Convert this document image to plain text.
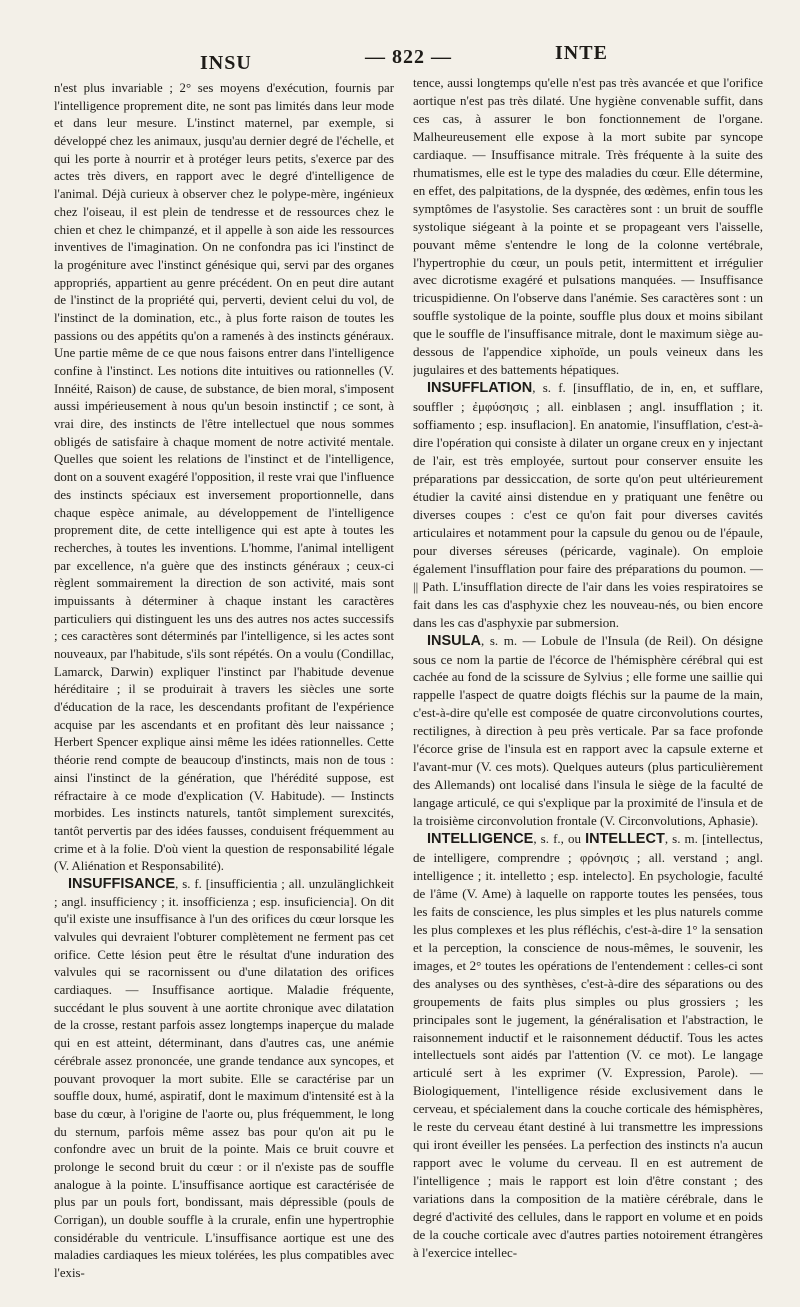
INSU	— 822 —	INTE

n'est plus invariable ; 2° ses moyens d'exécution, fournis par l'intelligence proprement dite, ne sont pas limités dans leur mode et dans leur mesure. L'instinct maternel, par exemple, si développé chez les animaux, jusqu'au dernier degré de l'échelle, et qui les porte à nourrir et à protéger leurs petits, s'exerce par des actes très divers, en rapport avec le degré d'intelligence de l'animal. Déjà curieux à observer chez le polype-mère, ingénieux chez l'oiseau, il est plein de tendresse et de ressources chez le chien et chez le chimpanzé, et il appelle à son aide les ressources inventives de l'imagination. On ne confondra pas ici l'instinct de la progéniture avec l'instinct génésique qui, servi par des organes appropriés, appartient au genre précédent. On en peut dire autant de l'instinct de la propriété qui, perverti, devient celui du vol, de l'instinct de la domination, etc., à plus forte raison de toutes les passions ou des appétits qu'on a ramenés à des instincts généraux. Une partie même de ce que nous faisons entrer dans l'intelligence confine à l'instinct. Les notions dite intuitives ou rationnelles (V. Innéité, Raison) de cause, de substance, de bien moral, s'imposent aussi impérieusement à nous qu'un besoin instinctif ; ce sont, à vrai dire, des instincts de l'être intellectuel que nous sommes obligés de satisfaire à chaque moment de notre activité mentale. Quelles que soient les relations de l'instinct et de l'intelligence, dont on a souvent exagéré l'opposition, il reste vrai que l'influence des instincts spéciaux est inversement proportionnelle, dans chaque espèce animale, au développement de l'intelligence proprement dite, de cette intelligence qui est apte à toutes les recherches, à toutes les inventions. L'homme, l'animal intelligent par excellence, n'a guère que des instincts généraux ; ceux-ci règlent sommairement la direction de son activité, mais sont impuissants à déterminer à chaque instant les caractères particuliers qui distinguent les uns des autres nos actes successifs ; ces caractères sont déterminés par l'intelligence, si les actes sont nouveaux, par l'habitude, s'ils sont répétés. On a voulu (Condillac, Lamarck, Darwin) expliquer l'instinct par l'habitude devenue héréditaire ; il se produirait à travers les siècles une sorte d'éducation de la race, les descendants profitant de l'expérience acquise par les ascendants et en profitant dès leur naissance ; Herbert Spencer explique ainsi même les idées rationnelles. Cette théorie rend compte de beaucoup d'instincts, mais non de tous : ainsi l'instinct de la génération, que l'hérédité suppose, est réfractaire à ce mode d'explication (V. Habitude). — Instincts morbides. Les instincts naturels, tantôt simplement surexcités, tantôt pervertis par des idées fausses, conduisent fréquemment au crime et à la folie. D'où vient la question de responsabilité légale (V. Aliénation et Responsabilité).

INSUFFISANCE, s. f. [insufficientia ; all. unzulänglichkeit ; angl. insufficiency ; it. insofficienza ; esp. insuficiencia]. On dit qu'il existe une insuffisance à l'un des orifices du cœur lorsque les valvules qui devraient l'obturer complètement ne ferment pas cet orifice. Cette lésion peut être le résultat d'une induration des valvules qui se racornissent ou d'une dilatation des orifices cardiaques. — Insuffisance aortique. Maladie fréquente, succédant le plus souvent à une aortite chronique avec dilatation de la crosse, restant parfois assez longtemps inaperçue du malade qui en est atteint, déterminant, dans d'autres cas, une anémie cérébrale assez prononcée, une grande tendance aux syncopes, et pouvant provoquer la mort subite. Elle se caractérise par un souffle doux, humé, aspiratif, dont le maximum d'intensité est à la base du cœur, à l'origine de l'aorte ou, plus fréquemment, le long du sternum, parfois même assez bas pour qu'on ait pu le confondre avec un bruit de la pointe. Mais ce bruit couvre et prolonge le second bruit du cœur : or il n'existe pas de souffle analogue à la pointe. L'insuffisance aortique est caractérisée de plus par un pouls fort, bondissant, mais dépressible (pouls de Corrigan), un double souffle à la crurale, enfin une hypertrophie considérable du ventricule. L'insuffisance aortique est une des maladies cardiaques les mieux tolérées, les plus compatibles avec l'exis-

tence, aussi longtemps qu'elle n'est pas très avancée et que l'orifice aortique n'est pas très dilaté. Une hygiène convenable suffit, dans ces cas, à assurer le bon fonctionnement de l'organe. Malheureusement elle expose à la mort subite par syncope cardiaque. — Insuffisance mitrale. Très fréquente à la suite des rhumatismes, elle est le type des maladies du cœur. Elle détermine, en effet, des palpitations, de la dyspnée, des œdèmes, enfin tous les symptômes de l'asystolie. Ses caractères sont : un bruit de souffle systolique siégeant à la pointe et se propageant vers l'aisselle, pouvant même s'entendre le long de la colonne vertébrale, l'hypertrophie du cœur, un pouls petit, intermittent et irrégulier avec dicrotisme exagéré et pulsations manquées. — Insuffisance tricuspidienne. On l'observe dans l'anémie. Ses caractères sont : un souffle systolique de la pointe, souffle plus doux et moins sibilant que le souffle de l'insuffisance mitrale, dont le maximum siège au-dessous de l'appendice xiphoïde, un pouls veineux dans les jugulaires et des battements hépatiques.

INSUFFLATION, s. f. [insufflatio, de in, en, et sufflare, souffler ; ἐμφύσησις ; all. einblasen ; angl. insufflation ; it. soffiamento ; esp. insuflacion]. En anatomie, l'insufflation, c'est-à-dire l'opération qui consiste à dilater un organe creux en y injectant de l'air, est très employée, surtout pour conserver ensuite les préparations par dessiccation, de sorte qu'on peut ultérieurement étudier la cavité ainsi distendue en y pratiquant une fenêtre ou diverses coupes : c'est ce qu'on fait pour diverses cavités articulaires et notamment pour la capsule du genou ou de l'épaule, pour diverses séreuses (péricarde, vaginale). On emploie également l'insufflation pour faire des préparations du poumon. — || Path. L'insufflation directe de l'air dans les voies respiratoires se fait dans les cas d'asphyxie chez les nouveau-nés, ou bien encore dans les cas d'asphyxie par submersion.

INSULA, s. m. — Lobule de l'Insula (de Reil). On désigne sous ce nom la partie de l'écorce de l'hémisphère cérébral qui est cachée au fond de la scissure de Sylvius ; elle forme une saillie qui rappelle l'aspect de quatre doigts fléchis sur la paume de la main, c'est-à-dire qu'elle est composée de quatre circonvolutions courtes, rectilignes, à direction à peu près verticale. Par sa face profonde l'écorce grise de l'insula est en rapport avec la capsule externe et l'avant-mur (V. ces mots). Quelques auteurs (plus particulièrement des Allemands) ont localisé dans l'insula le siège de la faculté de langage articulé, ce qui s'explique par la proximité de l'insula et de la troisième circonvolution frontale (V. Circonvolutions, Aphasie).

INTELLIGENCE, s. f., ou INTELLECT, s. m. [intellectus, de intelligere, comprendre ; φρόνησις ; all. verstand ; angl. intelligence ; it. intelletto ; esp. intelecto]. En psychologie, faculté de l'âme (V. Ame) à laquelle on rapporte toutes les pensées, tous les faits de conscience, les plus simples et les plus naturels comme les plus complexes et les plus réfléchis, c'est-à-dire 1° la sensation et la perception, la conscience de nous-mêmes, le souvenir, les images, et 2° toutes les opérations de l'entendement : celles-ci sont des analyses ou des synthèses, c'est-à-dire des séparations ou des groupements de faits plus simples ou plus grossiers ; les principales sont le jugement, la généralisation et l'abstraction, le raisonnement inductif et le raisonnement déductif. Tous les actes intellectuels sont aidés par l'attention (V. ce mot). Le langage articulé sert à les exprimer (V. Expression, Parole). — Biologiquement, l'intelligence réside exclusivement dans le cerveau, et spécialement dans la couche corticale des hémisphères, le reste du cerveau étant destiné à lui transmettre les impressions qui iront éveiller les pensées. La perfection des instincts n'a aucun rapport avec le volume du cerveau. Il en est autrement de l'intelligence ; mais le rapport est loin d'être constant ; des variations dans la composition de la matière cérébrale, dans le degré d'activité des cellules, dans le rapport en volume et en poids de la couche corticale avec d'autres parties notoirement étrangères à l'exercice intellec-
